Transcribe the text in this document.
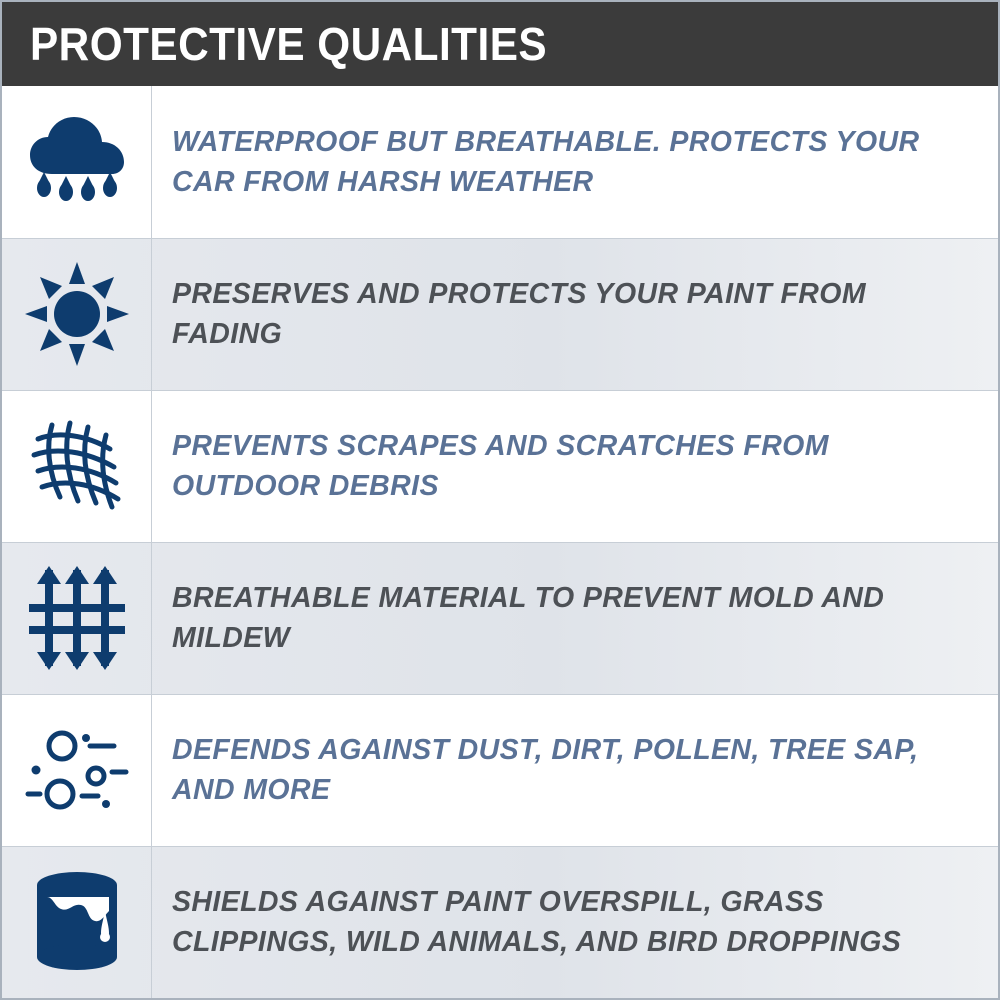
PROTECTIVE QUALITIES
WATERPROOF BUT BREATHABLE. PROTECTS YOUR CAR FROM HARSH WEATHER
PRESERVES AND PROTECTS YOUR PAINT FROM FADING
PREVENTS SCRAPES AND SCRATCHES FROM OUTDOOR DEBRIS
BREATHABLE MATERIAL TO PREVENT MOLD AND MILDEW
DEFENDS AGAINST DUST, DIRT, POLLEN, TREE SAP, AND MORE
SHIELDS AGAINST PAINT OVERSPILL, GRASS CLIPPINGS, WILD ANIMALS, AND BIRD DROPPINGS
